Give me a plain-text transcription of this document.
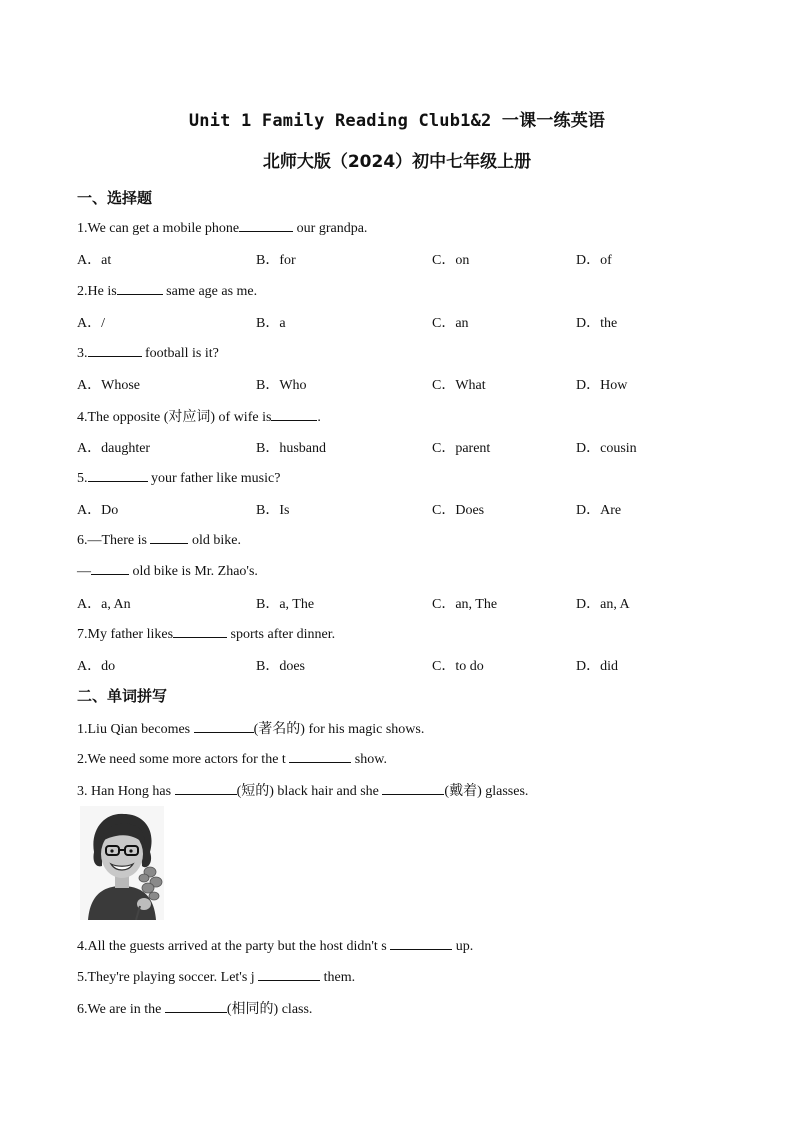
Unit 1 Family Reading Club1&2 一课一练英语
北师大版（2024）初中七年级上册
一、选择题
1.We can get a mobile phone	our grandpa.
A．at	B．for	C．on	D．of
2.He is	same age as me.
A．/	B．a	C．an	D．the
3.	football is it?
A．Whose	B．Who	C．What	D．How
4.The opposite (对应词) of wife is	.
A．daughter	B．husband	C．parent	D．cousin
5.	your father like music?
A．Do	B．Is	C．Does	D．Are
6.—There is	old bike.
—	old bike is Mr. Zhao's.
A．a, An	B．a, The	C．an, The	D．an, A
7.My father likes	sports after dinner.
A．do	B．does	C．to do	D．did
二、单词拼写
1.Liu Qian becomes	(著名的) for his magic shows.
2.We need some more actors for the t	show.
3. Han Hong has	(短的) black hair and she	(戴着) glasses.
4.All the guests arrived at the party but the host didn't s	up.
5.They're playing soccer. Let's j	them.
6.We are in the	(相同的) class.
